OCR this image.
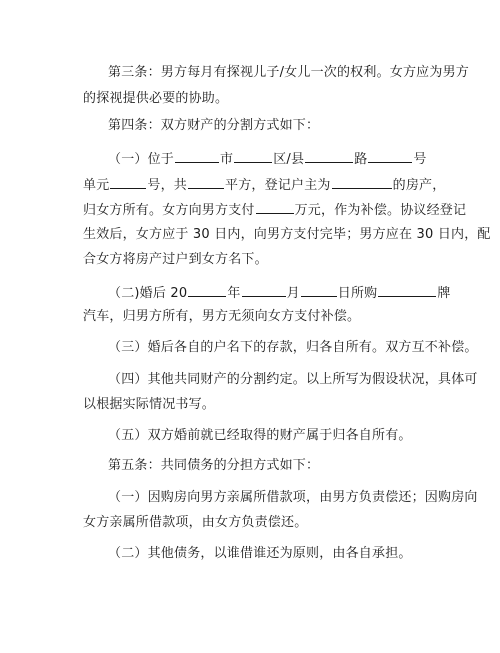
第三条：男方每月有探视儿子/女儿一次的权利。女方应为男方
的探视提供必要的协助。
第四条：双方财产的分割方式如下：
（一）位于	市	区/县	路	号
单元	号，共	平方，登记户主为	的房产，
归女方所有。女方向男方支付	万元，作为补偿。协议经登记
生效后，女方应于 30 日内，向男方支付完毕；男方应在 30 日内，配
合女方将房产过户到女方名下。
（二)婚后 20	年	月	日所购	牌
汽车，归男方所有，男方无须向女方支付补偿。
（三）婚后各自的户名下的存款，归各自所有。双方互不补偿。
（四）其他共同财产的分割约定。以上所写为假设状况，具体可
以根据实际情况书写。
（五）双方婚前就已经取得的财产属于归各自所有。
第五条：共同债务的分担方式如下：
（一）因购房向男方亲属所借款项，由男方负责偿还；因购房向
女方亲属所借款项，由女方负责偿还。
（二）其他债务，以谁借谁还为原则，由各自承担。
